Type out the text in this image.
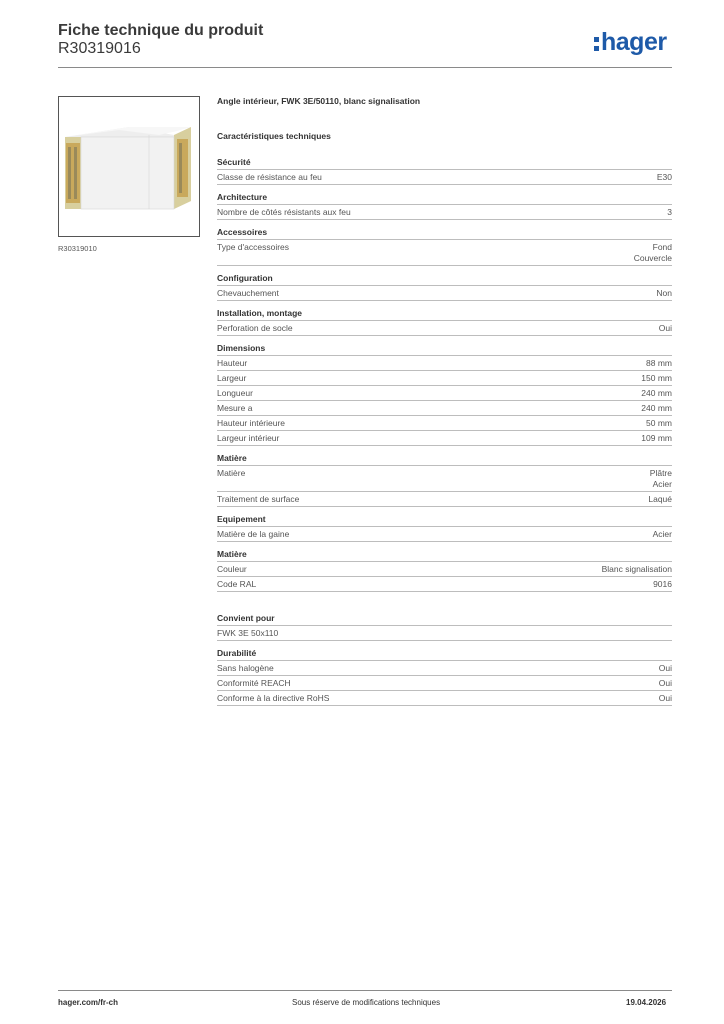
Fiche technique du produit
R30319016	hager
R30319010
Angle intérieur, FWK 3E/50110, blanc signalisation
Caractéristiques techniques
Sécurité
Classe de résistance au feu	E30
Architecture
Nombre de côtés résistants aux feu	3
Accessoires
Type d'accessoires	Fond
Couvercle
Configuration
Chevauchement	Non
Installation, montage
Perforation de socle	Oui
Dimensions
Hauteur	88 mm
Largeur	150 mm
Longueur	240 mm
Mesure a	240 mm
Hauteur intérieure	50 mm
Largeur intérieur	109 mm
Matière
Matière	Plâtre
Acier
Traitement de surface	Laqué
Equipement
Matière de la gaine	Acier
Matière
Couleur	Blanc signalisation
Code RAL	9016
Convient pour
FWK 3E 50x110
Durabilité
Sans halogène	Oui
Conformité REACH	Oui
Conforme à la directive RoHS	Oui
hager.com/fr-ch	Sous réserve de modifications techniques	19.04.2026
